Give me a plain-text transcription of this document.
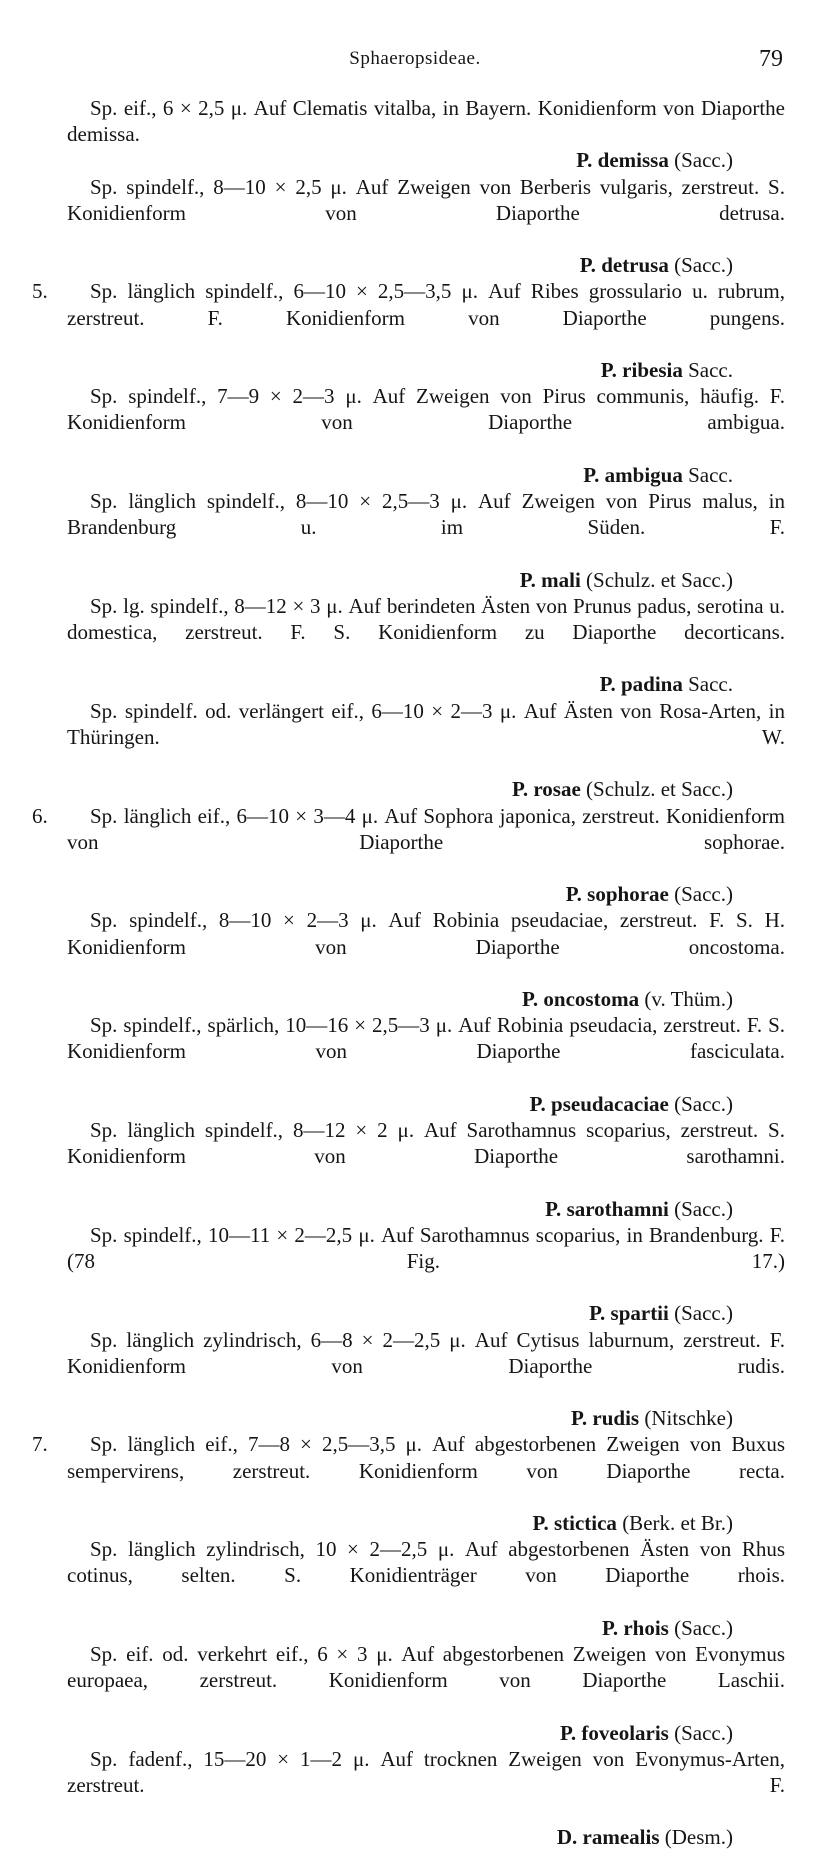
Sphaeropsideae.	79
Sp. eif., 6 × 2,5 μ. Auf Clematis vitalba, in Bayern. Konidienform von Diaporthe demissa.
P. demissa (Sacc.)
Sp. spindelf., 8—10 × 2,5 μ. Auf Zweigen von Berberis vulgaris, zerstreut. S. Konidienform von Diaporthe detrusa.
P. detrusa (Sacc.)
5.	Sp. länglich spindelf., 6—10 × 2,5—3,5 μ. Auf Ribes grossulario u. rubrum, zerstreut. F. Konidienform von Diaporthe pungens.
P. ribesia Sacc.
Sp. spindelf., 7—9 × 2—3 μ. Auf Zweigen von Pirus communis, häufig. F. Konidienform von Diaporthe ambigua.
P. ambigua Sacc.
Sp. länglich spindelf., 8—10 × 2,5—3 μ. Auf Zweigen von Pirus malus, in Brandenburg u. im Süden. F.
P. mali (Schulz. et Sacc.)
Sp. lg. spindelf., 8—12 × 3 μ. Auf berindeten Ästen von Prunus padus, serotina u. domestica, zerstreut. F. S. Konidienform zu Diaporthe decorticans.
P. padina Sacc.
Sp. spindelf. od. verlängert eif., 6—10 × 2—3 μ. Auf Ästen von Rosa-Arten, in Thüringen. W.
P. rosae (Schulz. et Sacc.)
6.	Sp. länglich eif., 6—10 × 3—4 μ. Auf Sophora japonica, zerstreut. Konidienform von Diaporthe sophorae.
P. sophorae (Sacc.)
Sp. spindelf., 8—10 × 2—3 μ. Auf Robinia pseudaciae, zerstreut. F. S. H. Konidienform von Diaporthe oncostoma.
P. oncostoma (v. Thüm.)
Sp. spindelf., spärlich, 10—16 × 2,5—3 μ. Auf Robinia pseudacia, zerstreut. F. S. Konidienform von Diaporthe fasciculata.
P. pseudacaciae (Sacc.)
Sp. länglich spindelf., 8—12 × 2 μ. Auf Sarothamnus scoparius, zerstreut. S. Konidienform von Diaporthe sarothamni.
P. sarothamni (Sacc.)
Sp. spindelf., 10—11 × 2—2,5 μ. Auf Sarothamnus scoparius, in Brandenburg. F. (78 Fig. 17.)
P. spartii (Sacc.)
Sp. länglich zylindrisch, 6—8 × 2—2,5 μ. Auf Cytisus laburnum, zerstreut. F. Konidienform von Diaporthe rudis.
P. rudis (Nitschke)
7.	Sp. länglich eif., 7—8 × 2,5—3,5 μ. Auf abgestorbenen Zweigen von Buxus sempervirens, zerstreut. Konidienform von Diaporthe recta.
P. stictica (Berk. et Br.)
Sp. länglich zylindrisch, 10 × 2—2,5 μ. Auf abgestorbenen Ästen von Rhus cotinus, selten. S. Konidienträger von Diaporthe rhois.
P. rhois (Sacc.)
Sp. eif. od. verkehrt eif., 6 × 3 μ. Auf abgestorbenen Zweigen von Evonymus europaea, zerstreut. Konidienform von Diaporthe Laschii.
P. foveolaris (Sacc.)
Sp. fadenf., 15—20 × 1—2 μ. Auf trocknen Zweigen von Evonymus-Arten, zerstreut. F.
D. ramealis (Desm.)
